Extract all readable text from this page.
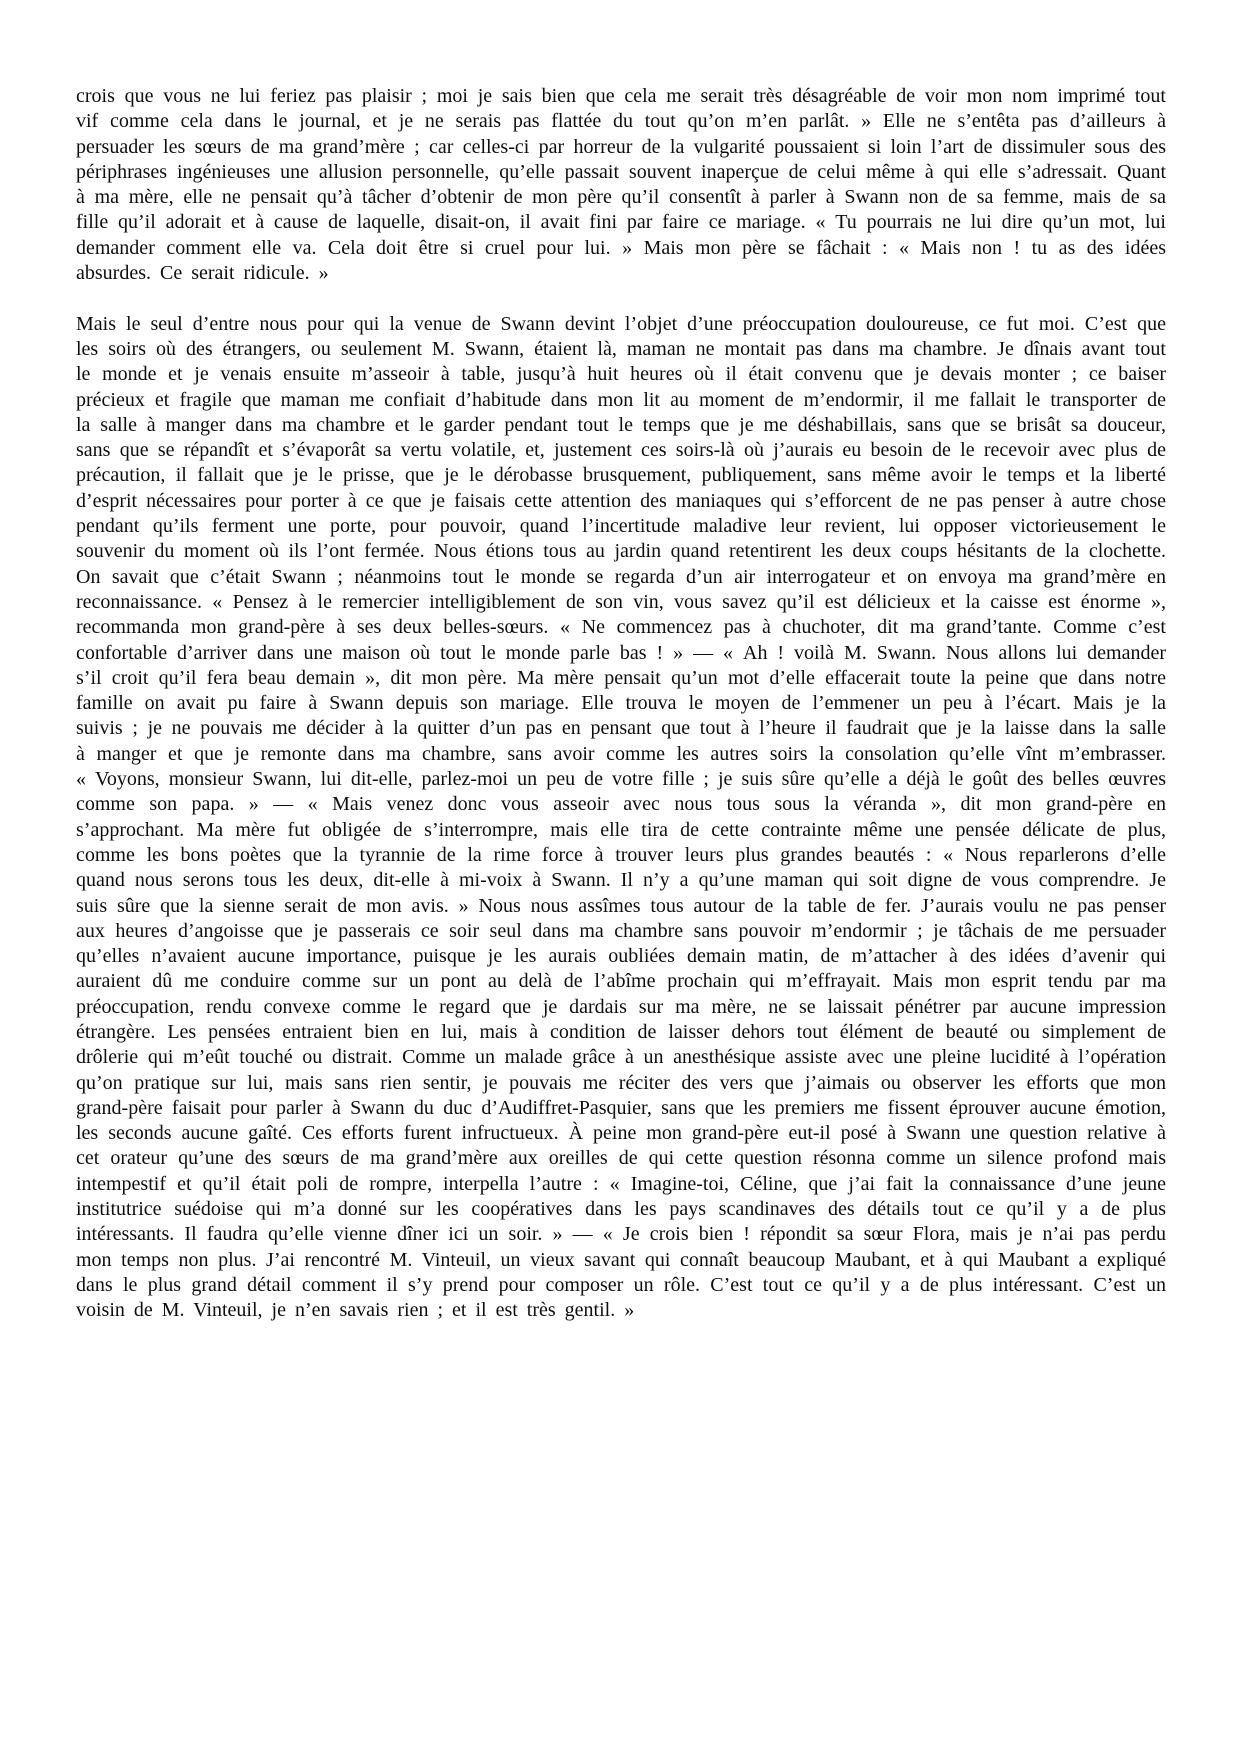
crois que vous ne lui feriez pas plaisir ; moi je sais bien que cela me serait très désagréable de voir mon nom imprimé tout vif comme cela dans le journal, et je ne serais pas flattée du tout qu’on m’en parlât. » Elle ne s’entêta pas d’ailleurs à persuader les sœurs de ma grand’mère ; car celles-ci par horreur de la vulgarité poussaient si loin l’art de dissimuler sous des périphrases ingénieuses une allusion personnelle, qu’elle passait souvent inaperçue de celui même à qui elle s’adressait. Quant à ma mère, elle ne pensait qu’à tâcher d’obtenir de mon père qu’il consentît à parler à Swann non de sa femme, mais de sa fille qu’il adorait et à cause de laquelle, disait-on, il avait fini par faire ce mariage. « Tu pourrais ne lui dire qu’un mot, lui demander comment elle va. Cela doit être si cruel pour lui. » Mais mon père se fâchait : « Mais non ! tu as des idées absurdes. Ce serait ridicule. »

Mais le seul d’entre nous pour qui la venue de Swann devint l’objet d’une préoccupation douloureuse, ce fut moi. C’est que les soirs où des étrangers, ou seulement M. Swann, étaient là, maman ne montait pas dans ma chambre. Je dînais avant tout le monde et je venais ensuite m’asseoir à table, jusqu’à huit heures où il était convenu que je devais monter ; ce baiser précieux et fragile que maman me confiait d’habitude dans mon lit au moment de m’endormir, il me fallait le transporter de la salle à manger dans ma chambre et le garder pendant tout le temps que je me déshabillais, sans que se brisât sa douceur, sans que se répandît et s’évaporât sa vertu volatile, et, justement ces soirs-là où j’aurais eu besoin de le recevoir avec plus de précaution, il fallait que je le prisse, que je le dérobasse brusquement, publiquement, sans même avoir le temps et la liberté d’esprit nécessaires pour porter à ce que je faisais cette attention des maniaques qui s’efforcent de ne pas penser à autre chose pendant qu’ils ferment une porte, pour pouvoir, quand l’incertitude maladive leur revient, lui opposer victorieusement le souvenir du moment où ils l’ont fermée. Nous étions tous au jardin quand retentirent les deux coups hésitants de la clochette. On savait que c’était Swann ; néanmoins tout le monde se regarda d’un air interrogateur et on envoya ma grand’mère en reconnaissance. « Pensez à le remercier intelligiblement de son vin, vous savez qu’il est délicieux et la caisse est énorme », recommanda mon grand-père à ses deux belles-sœurs. « Ne commencez pas à chuchoter, dit ma grand’tante. Comme c’est confortable d’arriver dans une maison où tout le monde parle bas ! » — « Ah ! voilà M. Swann. Nous allons lui demander s’il croit qu’il fera beau demain », dit mon père. Ma mère pensait qu’un mot d’elle effacerait toute la peine que dans notre famille on avait pu faire à Swann depuis son mariage. Elle trouva le moyen de l’emmener un peu à l’écart. Mais je la suivis ; je ne pouvais me décider à la quitter d’un pas en pensant que tout à l’heure il faudrait que je la laisse dans la salle à manger et que je remonte dans ma chambre, sans avoir comme les autres soirs la consolation qu’elle vînt m’embrasser. « Voyons, monsieur Swann, lui dit-elle, parlez-moi un peu de votre fille ; je suis sûre qu’elle a déjà le goût des belles œuvres comme son papa. » — « Mais venez donc vous asseoir avec nous tous sous la véranda », dit mon grand-père en s’approchant. Ma mère fut obligée de s’interrompre, mais elle tira de cette contrainte même une pensée délicate de plus, comme les bons poètes que la tyrannie de la rime force à trouver leurs plus grandes beautés : « Nous reparlerons d’elle quand nous serons tous les deux, dit-elle à mi-voix à Swann. Il n’y a qu’une maman qui soit digne de vous comprendre. Je suis sûre que la sienne serait de mon avis. » Nous nous assîmes tous autour de la table de fer. J’aurais voulu ne pas penser aux heures d’angoisse que je passerais ce soir seul dans ma chambre sans pouvoir m’endormir ; je tâchais de me persuader qu’elles n’avaient aucune importance, puisque je les aurais oubliées demain matin, de m’attacher à des idées d’avenir qui auraient dû me conduire comme sur un pont au delà de l’abîme prochain qui m’effrayait. Mais mon esprit tendu par ma préoccupation, rendu convexe comme le regard que je dardais sur ma mère, ne se laissait pénétrer par aucune impression étrangère. Les pensées entraient bien en lui, mais à condition de laisser dehors tout élément de beauté ou simplement de drôlerie qui m’eût touché ou distrait. Comme un malade grâce à un anesthésique assiste avec une pleine lucidité à l’opération qu’on pratique sur lui, mais sans rien sentir, je pouvais me réciter des vers que j’aimais ou observer les efforts que mon grand-père faisait pour parler à Swann du duc d’Audiffret-Pasquier, sans que les premiers me fissent éprouver aucune émotion, les seconds aucune gaîté. Ces efforts furent infructueux. À peine mon grand-père eut-il posé à Swann une question relative à cet orateur qu’une des sœurs de ma grand’mère aux oreilles de qui cette question résonna comme un silence profond mais intempestif et qu’il était poli de rompre, interpella l’autre : « Imagine-toi, Céline, que j’ai fait la connaissance d’une jeune institutrice suédoise qui m’a donné sur les coopératives dans les pays scandinaves des détails tout ce qu’il y a de plus intéressants. Il faudra qu’elle vienne dîner ici un soir. » — « Je crois bien ! répondit sa sœur Flora, mais je n’ai pas perdu mon temps non plus. J’ai rencontré M. Vinteuil, un vieux savant qui connaît beaucoup Maubant, et à qui Maubant a expliqué dans le plus grand détail comment il s’y prend pour composer un rôle. C’est tout ce qu’il y a de plus intéressant. C’est un voisin de M. Vinteuil, je n’en savais rien ; et il est très gentil. »
